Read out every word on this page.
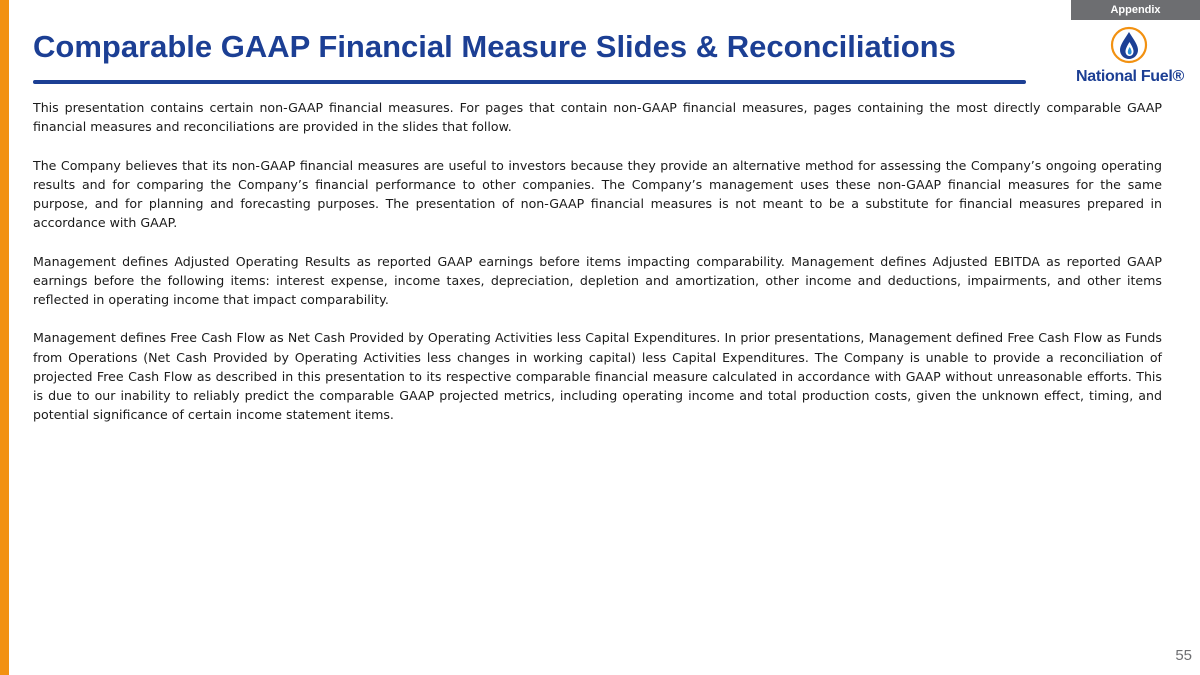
Appendix
Comparable GAAP Financial Measure Slides & Reconciliations
National Fuel®

This presentation contains certain non-GAAP financial measures. For pages that contain non-GAAP financial measures, pages containing the most directly comparable GAAP financial measures and reconciliations are provided in the slides that follow.

The Company believes that its non-GAAP financial measures are useful to investors because they provide an alternative method for assessing the Company’s ongoing operating results and for comparing the Company’s financial performance to other companies. The Company’s management uses these non-GAAP financial measures for the same purpose, and for planning and forecasting purposes. The presentation of non-GAAP financial measures is not meant to be a substitute for financial measures prepared in accordance with GAAP.

Management defines Adjusted Operating Results as reported GAAP earnings before items impacting comparability. Management defines Adjusted EBITDA as reported GAAP earnings before the following items: interest expense, income taxes, depreciation, depletion and amortization, other income and deductions, impairments, and other items reflected in operating income that impact comparability.

Management defines Free Cash Flow as Net Cash Provided by Operating Activities less Capital Expenditures. In prior presentations, Management defined Free Cash Flow as Funds from Operations (Net Cash Provided by Operating Activities less changes in working capital) less Capital Expenditures. The Company is unable to provide a reconciliation of projected Free Cash Flow as described in this presentation to its respective comparable financial measure calculated in accordance with GAAP without unreasonable efforts. This is due to our inability to reliably predict the comparable GAAP projected metrics, including operating income and total production costs, given the unknown effect, timing, and potential significance of certain income statement items.

55
